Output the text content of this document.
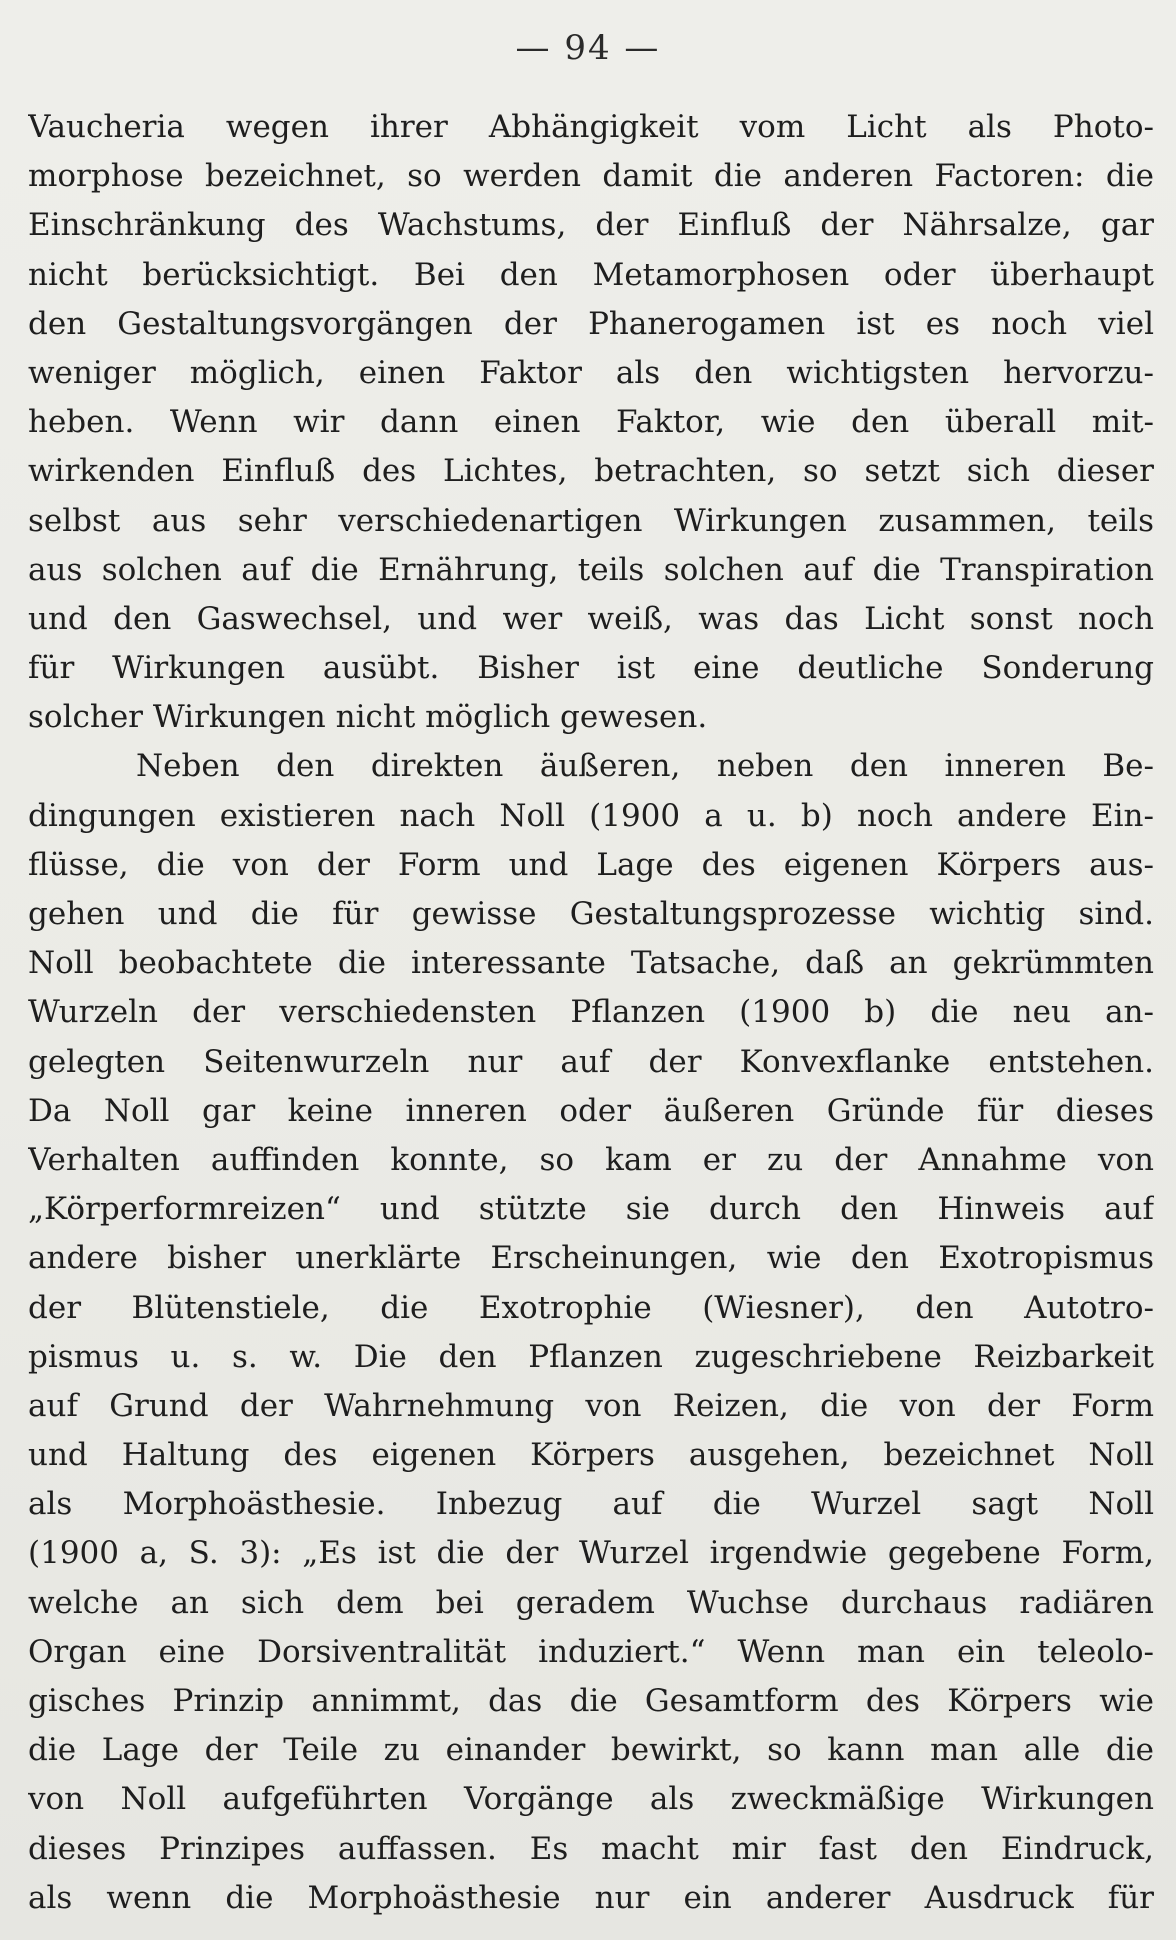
— 94 —
Vaucheria wegen ihrer Abhängigkeit vom Licht als Photo-
morphose bezeichnet, so werden damit die anderen Factoren: die
Einschränkung des Wachstums, der Einfluß der Nährsalze, gar
nicht berücksichtigt. Bei den Metamorphosen oder überhaupt
den Gestaltungsvorgängen der Phanerogamen ist es noch viel
weniger möglich, einen Faktor als den wichtigsten hervorzu-
heben. Wenn wir dann einen Faktor, wie den überall mit-
wirkenden Einfluß des Lichtes, betrachten, so setzt sich dieser
selbst aus sehr verschiedenartigen Wirkungen zusammen, teils
aus solchen auf die Ernährung, teils solchen auf die Transpiration
und den Gaswechsel, und wer weiß, was das Licht sonst noch
für Wirkungen ausübt. Bisher ist eine deutliche Sonderung
solcher Wirkungen nicht möglich gewesen.
Neben den direkten äußeren, neben den inneren Be-
dingungen existieren nach Noll (1900 a u. b) noch andere Ein-
flüsse, die von der Form und Lage des eigenen Körpers aus-
gehen und die für gewisse Gestaltungsprozesse wichtig sind.
Noll beobachtete die interessante Tatsache, daß an gekrümmten
Wurzeln der verschiedensten Pflanzen (1900 b) die neu an-
gelegten Seitenwurzeln nur auf der Konvexflanke entstehen.
Da Noll gar keine inneren oder äußeren Gründe für dieses
Verhalten auffinden konnte, so kam er zu der Annahme von
„Körperformreizen“ und stützte sie durch den Hinweis auf
andere bisher unerklärte Erscheinungen, wie den Exotropismus
der Blütenstiele, die Exotrophie (Wiesner), den Autotro-
pismus u. s. w. Die den Pflanzen zugeschriebene Reizbarkeit
auf Grund der Wahrnehmung von Reizen, die von der Form
und Haltung des eigenen Körpers ausgehen, bezeichnet Noll
als Morphoästhesie. Inbezug auf die Wurzel sagt Noll
(1900 a, S. 3): „Es ist die der Wurzel irgendwie gegebene Form,
welche an sich dem bei geradem Wuchse durchaus radiären
Organ eine Dorsiventralität induziert.“ Wenn man ein teleolo-
gisches Prinzip annimmt, das die Gesamtform des Körpers wie
die Lage der Teile zu einander bewirkt, so kann man alle die
von Noll aufgeführten Vorgänge als zweckmäßige Wirkungen
dieses Prinzipes auffassen. Es macht mir fast den Eindruck,
als wenn die Morphoästhesie nur ein anderer Ausdruck für
